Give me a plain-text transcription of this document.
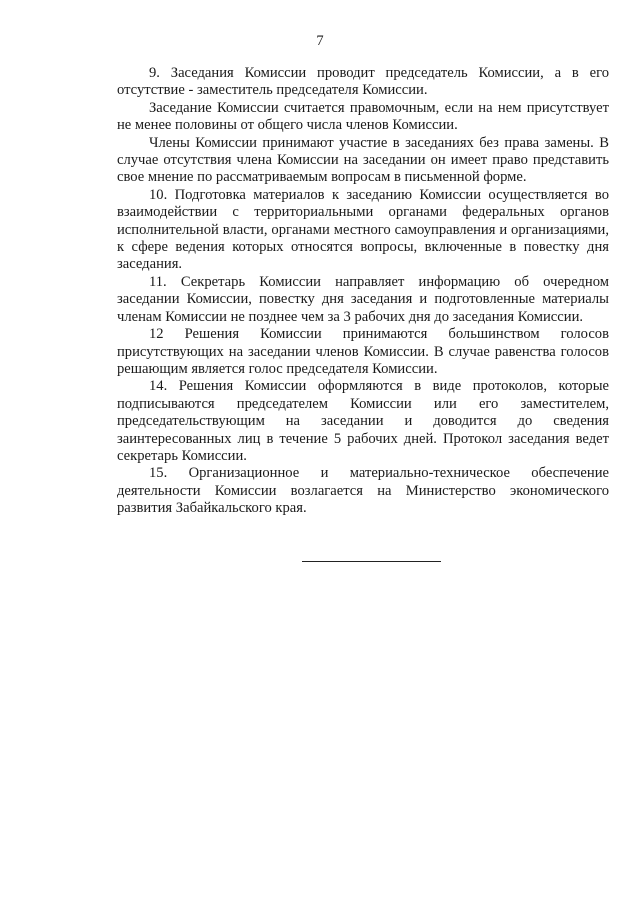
7

9. Заседания Комиссии проводит председатель Комиссии, а в его отсутствие - заместитель председателя Комиссии.

Заседание Комиссии считается правомочным, если на нем присутствует не менее половины от общего числа членов Комиссии.

Члены Комиссии принимают участие в заседаниях без права замены. В случае отсутствия члена Комиссии на заседании он имеет право представить свое мнение по рассматриваемым вопросам в письменной форме.

10. Подготовка материалов к заседанию Комиссии осуществляется во взаимодействии с территориальными органами федеральных органов исполнительной власти, органами местного самоуправления и организациями, к сфере ведения которых относятся вопросы, включенные в повестку дня заседания.

11. Секретарь Комиссии направляет информацию об очередном заседании Комиссии, повестку дня заседания и подготовленные материалы членам Комиссии не позднее чем за 3 рабочих дня до заседания Комиссии.

12 Решения Комиссии принимаются большинством голосов присутствующих на заседании членов Комиссии. В случае равенства голосов решающим является голос председателя Комиссии.

14. Решения Комиссии оформляются в виде протоколов, которые подписываются председателем Комиссии или его заместителем, председательствующим на заседании и доводится до сведения заинтересованных лиц в течение 5 рабочих дней. Протокол заседания ведет секретарь Комиссии.

15. Организационное и материально-техническое обеспечение деятельности Комиссии возлагается на Министерство экономического развития Забайкальского края.
